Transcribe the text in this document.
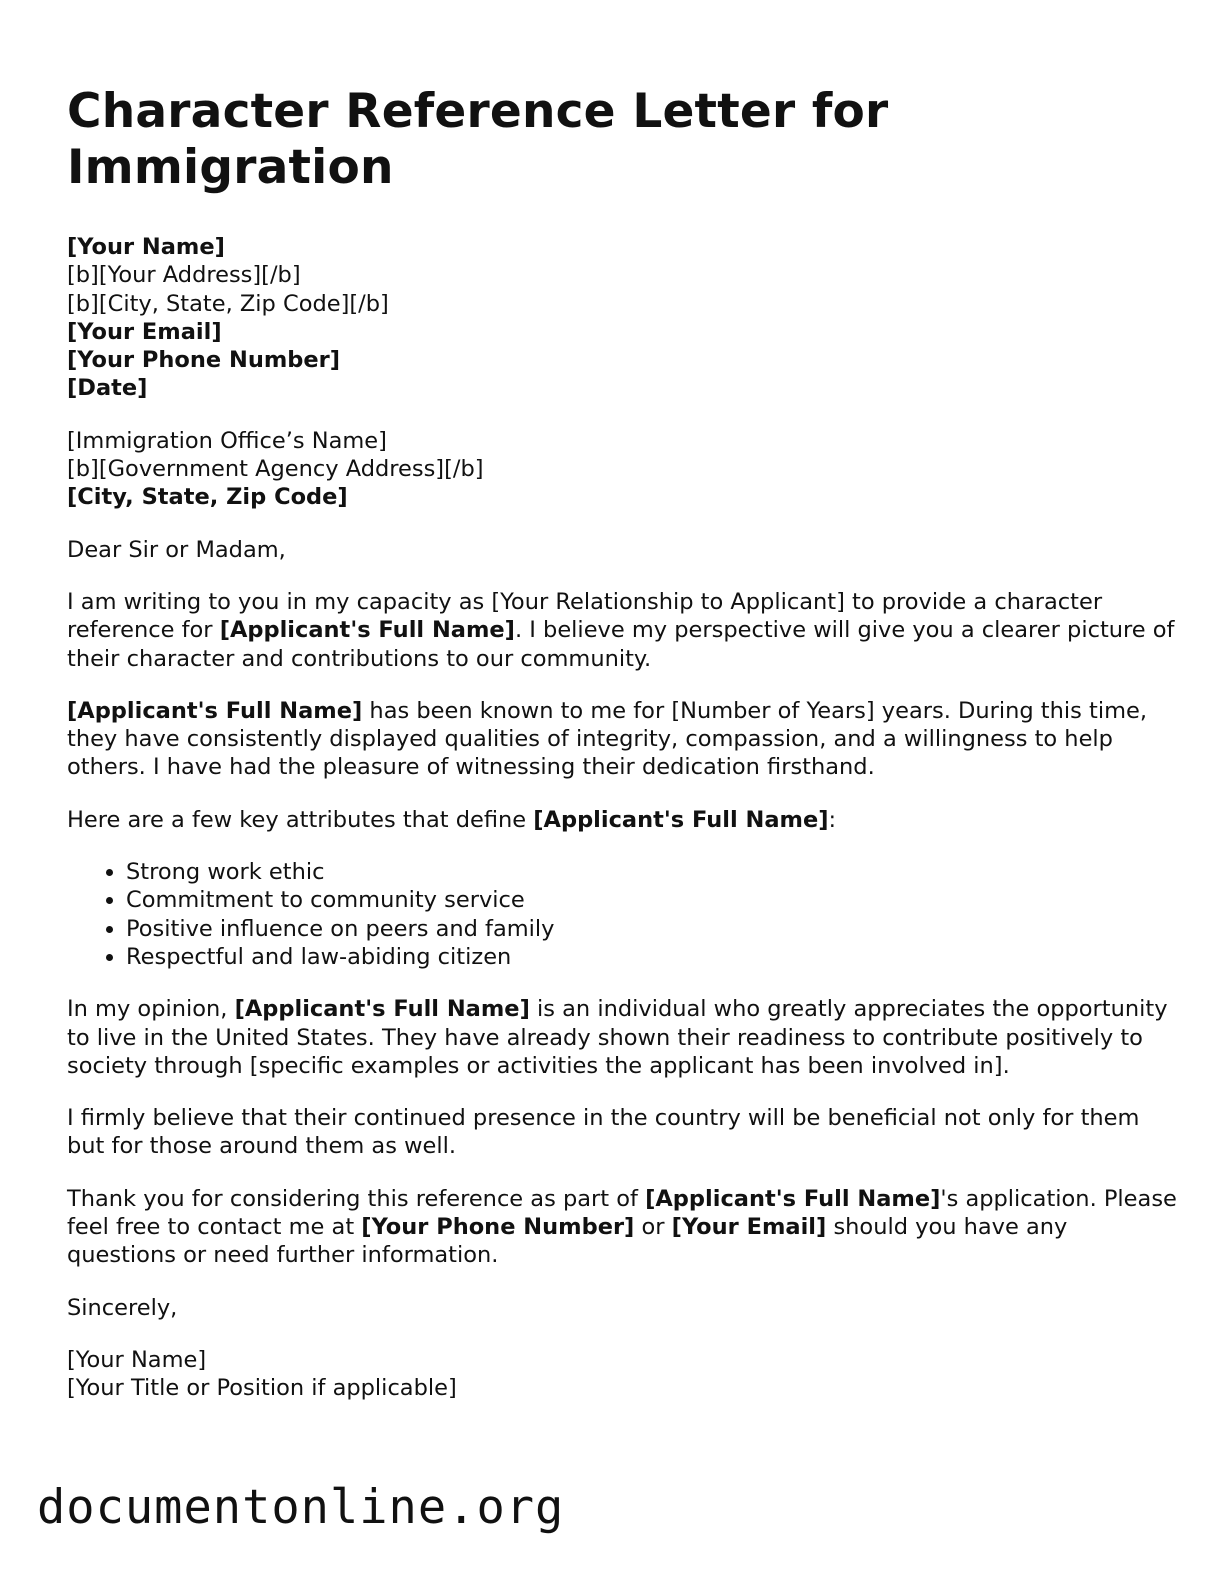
Character Reference Letter for
Immigration
[Your Name]
[b][Your Address][/b]
[b][City, State, Zip Code][/b]
[Your Email]
[Your Phone Number]
[Date]
[Immigration Office’s Name]
[b][Government Agency Address][/b]
[City, State, Zip Code]

Dear Sir or Madam,

I am writing to you in my capacity as [Your Relationship to Applicant] to provide a character reference for [Applicant's Full Name]. I believe my perspective will give you a clearer picture of their character and contributions to our community.

[Applicant's Full Name] has been known to me for [Number of Years] years. During this time, they have consistently displayed qualities of integrity, compassion, and a willingness to help others. I have had the pleasure of witnessing their dedication firsthand.

Here are a few key attributes that define [Applicant's Full Name]:

• Strong work ethic
• Commitment to community service
• Positive influence on peers and family
• Respectful and law-abiding citizen

In my opinion, [Applicant's Full Name] is an individual who greatly appreciates the opportunity to live in the United States. They have already shown their readiness to contribute positively to society through [specific examples or activities the applicant has been involved in].

I firmly believe that their continued presence in the country will be beneficial not only for them but for those around them as well.

Thank you for considering this reference as part of [Applicant's Full Name]'s application. Please feel free to contact me at [Your Phone Number] or [Your Email] should you have any questions or need further information.

Sincerely,

[Your Name]
[Your Title or Position if applicable]
documentonline.org
